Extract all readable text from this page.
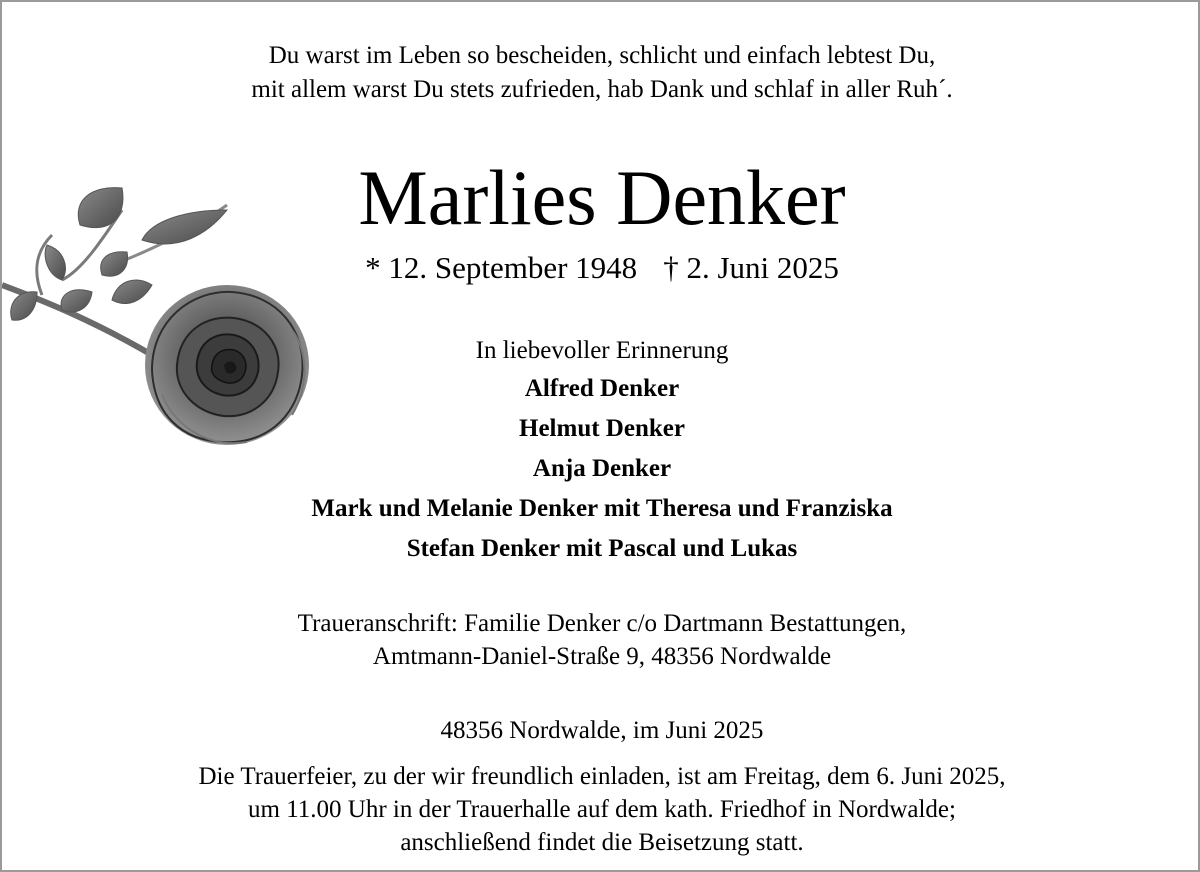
Du warst im Leben so bescheiden, schlicht und einfach lebtest Du,

mit allem warst Du stets zufrieden, hab Dank und schlaf in aller Ruh´.

Marlies Denker

* 12. September 1948 † 2. Juni 2025

In liebevoller Erinnerung

Alfred Denker

Helmut Denker

Anja Denker

Mark und Melanie Denker mit Theresa und Franziska

Stefan Denker mit Pascal und Lukas

Traueranschrift: Familie Denker c/o Dartmann Bestattungen,

Amtmann-Daniel-Straße 9, 48356 Nordwalde

48356 Nordwalde, im Juni 2025

Die Trauerfeier, zu der wir freundlich einladen, ist am Freitag, dem 6. Juni 2025,

um 11.00 Uhr in der Trauerhalle auf dem kath. Friedhof in Nordwalde;

anschließend findet die Beisetzung statt.
